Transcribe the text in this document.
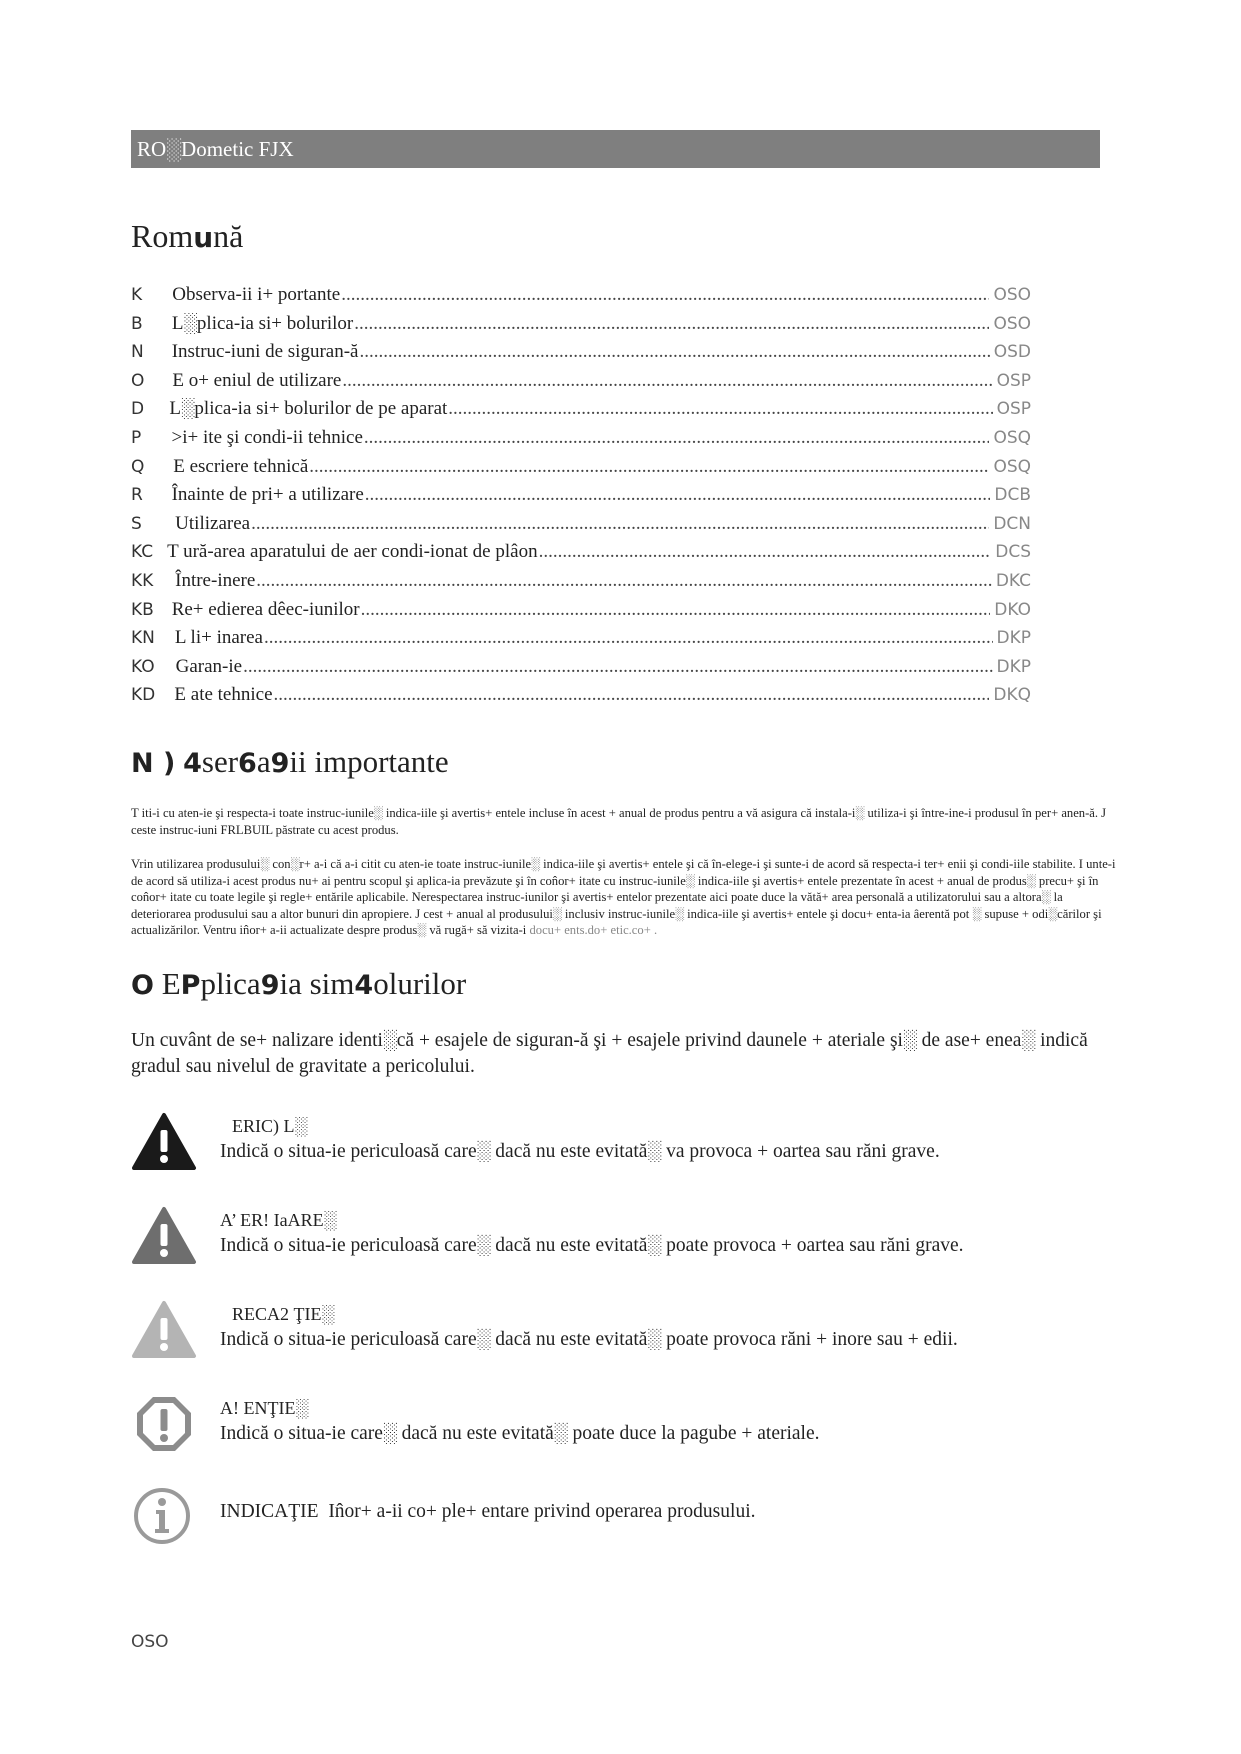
RO░Dometic FJX
Romună
K	Observa-ii i+ portante .....	OSO
B	L░plica-ia si+ bolurilor .....	OSO
N	Instruc-iuni de siguran-ă .....	OSD
O	E o+ eniul de utilizare .....	OSP
D	L░plica-ia si+ bolurilor de pe aparat .....	OSP
P	>i+ ite şi condi-ii tehnice .....	OSQ
Q	E escriere tehnică .....	OSQ
R	Înainte de pri+ a utilizare .....	DCB
S	Utilizarea .....	DCN
KC T ură-area aparatului de aer condi-ionat de plâon .....	DCS
KK	Între-inere .....	DKC
KB Re+ edierea dêec-iunilor .....	DKO
KN	L li+ inarea .....	DKP
KO	Garan-ie .....	DKP
KD	E ate tehnice .....	DKQ
N ) 4ser6a9ii importante

T iti-i cu aten-ie şi respecta-i toate instruc-iunile░ indica-iile şi avertis+ entele incluse în acest + anual de produs pentru a vă asigura că instala-i░ utiliza-i şi între-ine-i produsul în per+ anen-ă. J ceste instruc-iuni FRLBUIL păstrate cu acest produs.

Vrin utilizarea produsului░ con░r+ a-i că a-i citit cu aten-ie toate instruc-iunile░ indica-iile şi avertis+ entele şi că în-elege-i şi sunte-i de acord să respecta-i ter+ enii şi condi-iile stabilite. I unte-i de acord să utiliza-i acest produs nu+ ai pentru scopul şi aplica-ia prevăzute şi în con̂or+ itate cu instruc-iunile░ indica-iile şi avertis+ entele prezentate în acest + anual de produs░ precu+ şi în con̂or+ itate cu toate legile şi regle+ entările aplicabile. Nerespectarea instruc-iunilor şi avertis+ entelor prezentate aici poate duce la vătă+ area personală a utilizatorului sau a altora░ la deteriorarea produsului sau a altor bunuri din apropiere. J cest + anual al produsului░ inclusiv instruc-iunile░ indica-iile şi avertis+ entele şi docu+ enta-ia âerentă pot ░ supuse + odi░cărilor şi actualizărilor. Ventru in̂or+ a-ii actualizate despre produs░ vă rugă+ să vizita-i docu+ ents.do+ etic.co+ .

O EPplica9ia sim4olurilor

Un cuvânt de se+ nalizare identi░că + esajele de siguran-ă şi + esajele privind daunele + ateriale şi░ de ase+ enea░ indică gradul sau nivelul de gravitate a pericolului.

ERIC) L░
Indică o situa-ie periculoasă care░ dacă nu este evitată░ va provoca + oartea sau răni grave.
A’ ER! IaARE░
Indică o situa-ie periculoasă care░ dacă nu este evitată░ poate provoca + oartea sau răni grave.
RECA2 ŢIE░
Indică o situa-ie periculoasă care░ dacă nu este evitată░ poate provoca răni + inore sau + edii.
A! ENŢIE░
Indică o situa-ie care░ dacă nu este evitată░ poate duce la pagube + ateriale.
INDICAŢIE In̂or+ a-ii co+ ple+ entare privind operarea produsului.
OSO
